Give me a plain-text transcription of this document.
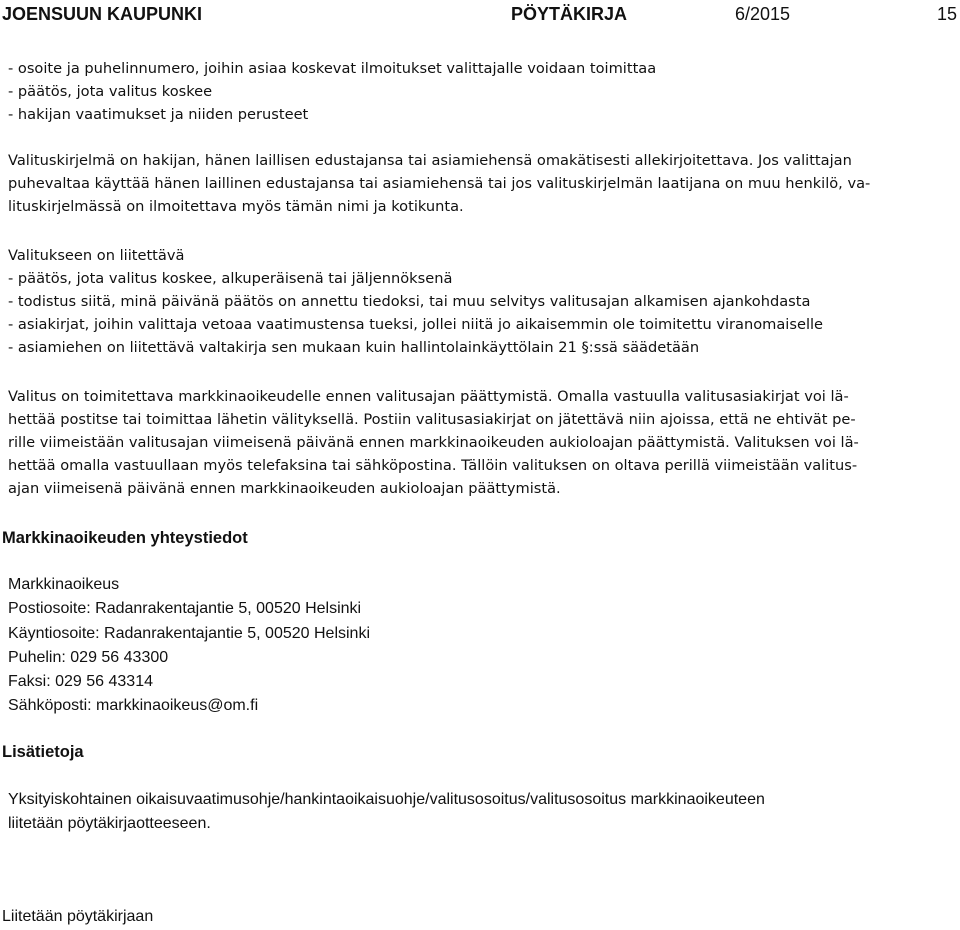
JOENSUUN KAUPUNKI	PÖYTÄKIRJA	6/2015	15

- osoite ja puhelinnumero, joihin asiaa koskevat ilmoitukset valittajalle voidaan toimittaa

- päätös, jota valitus koskee

- hakijan vaatimukset ja niiden perusteet

Valituskirjelmä on hakijan, hänen laillisen edustajansa tai asiamiehensä omakätisesti allekirjoitettava. Jos valittajan

puhevaltaa käyttää hänen laillinen edustajansa tai asiamiehensä tai jos valituskirjelmän laatijana on muu henkilö, va-

lituskirjelmässä on ilmoitettava myös tämän nimi ja kotikunta.

Valitukseen on liitettävä

- päätös, jota valitus koskee, alkuperäisenä tai jäljennöksenä

- todistus siitä, minä päivänä päätös on annettu tiedoksi, tai muu selvitys valitusajan alkamisen ajankohdasta

- asiakirjat, joihin valittaja vetoaa vaatimustensa tueksi, jollei niitä jo aikaisemmin ole toimitettu viranomaiselle

- asiamiehen on liitettävä valtakirja sen mukaan kuin hallintolainkäyttölain 21 §:ssä säädetään

Valitus on toimitettava markkinaoikeudelle ennen valitusajan päättymistä. Omalla vastuulla valitusasiakirjat voi lä-

hettää postitse tai toimittaa lähetin välityksellä. Postiin valitusasiakirjat on jätettävä niin ajoissa, että ne ehtivät pe-

rille viimeistään valitusajan viimeisenä päivänä ennen markkinaoikeuden aukioloajan päättymistä. Valituksen voi lä-

hettää omalla vastuullaan myös telefaksina tai sähköpostina. Tällöin valituksen on oltava perillä viimeistään valitus-

ajan viimeisenä päivänä ennen markkinaoikeuden aukioloajan päättymistä.

Markkinaoikeuden yhteystiedot

Markkinaoikeus

Postiosoite: Radanrakentajantie 5, 00520 Helsinki

Käyntiosoite: Radanrakentajantie 5, 00520 Helsinki

Puhelin: 029 56 43300

Faksi: 029 56 43314

Sähköposti: markkinaoikeus@om.fi

Lisätietoja

Yksityiskohtainen oikaisuvaatimusohje/hankintaoikaisuohje/valitusosoitus/valitusosoitus markkinaoikeuteen

liitetään pöytäkirjaotteeseen.

Liitetään pöytäkirjaan
